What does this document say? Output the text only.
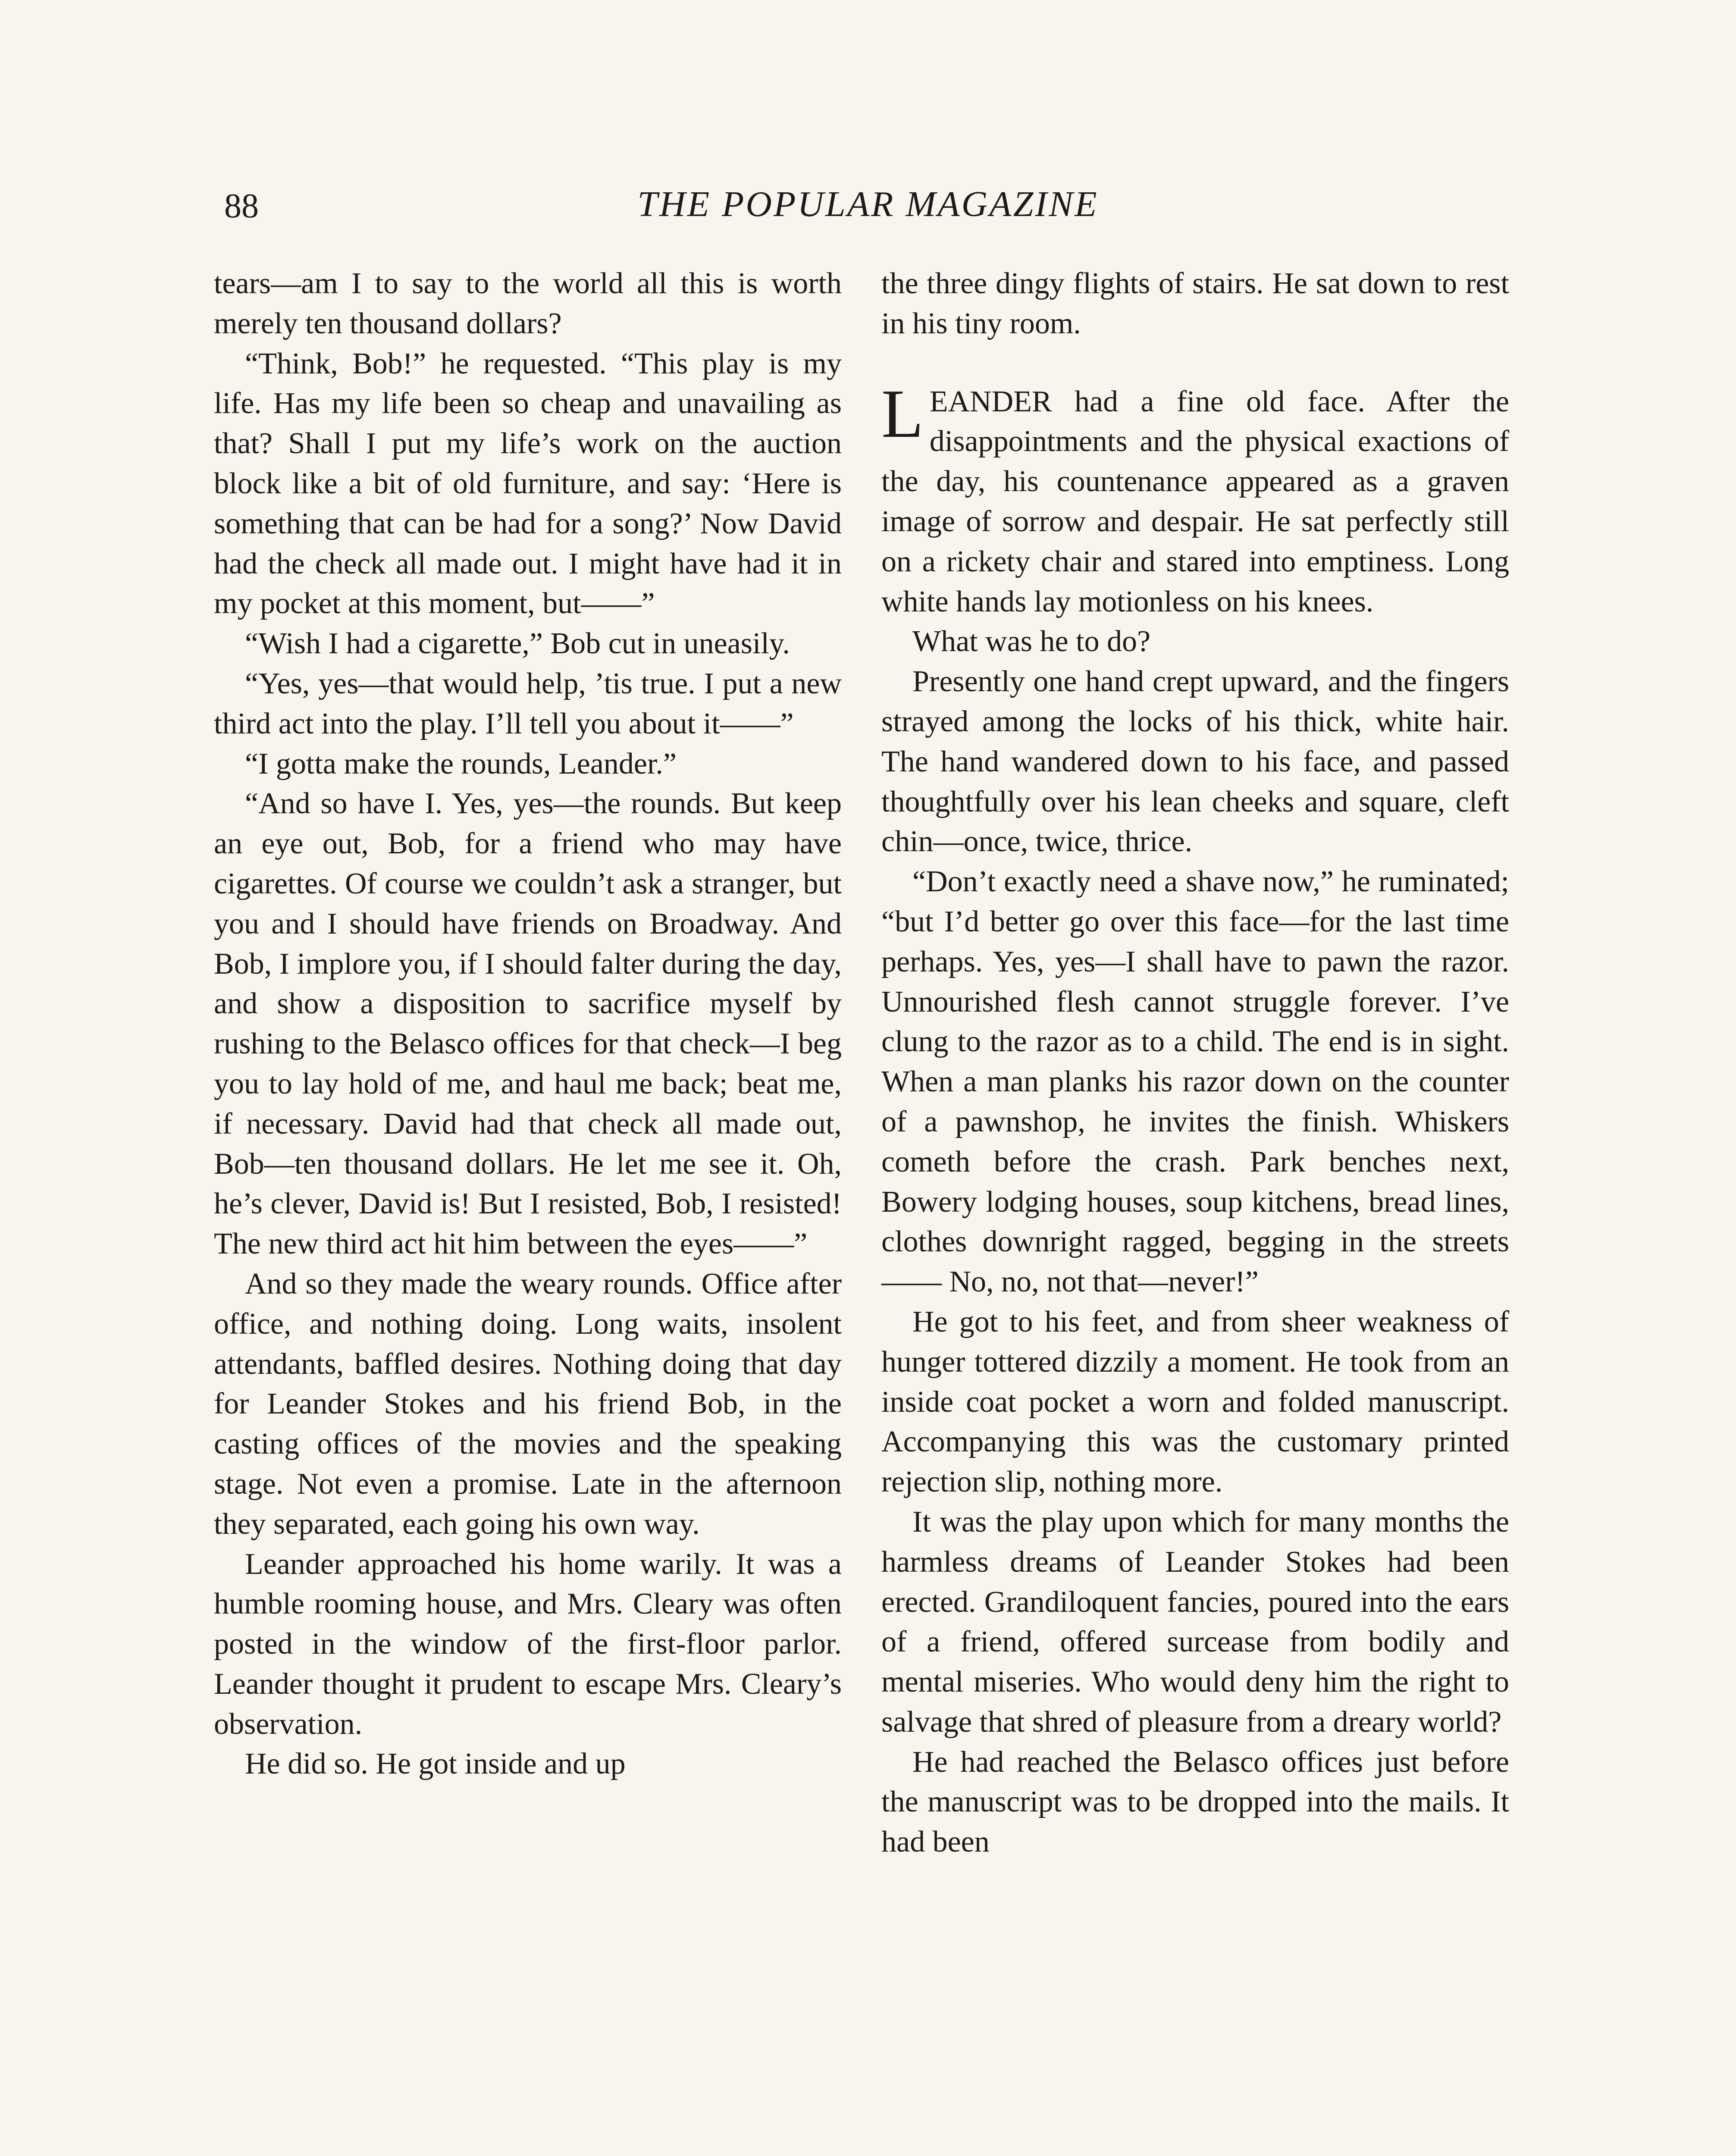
88	THE POPULAR MAGAZINE

tears—am I to say to the world all this is worth merely ten thousand dollars?

“Think, Bob!” he requested. “This play is my life. Has my life been so cheap and unavailing as that? Shall I put my life’s work on the auction block like a bit of old furniture, and say: ‘Here is something that can be had for a song?’ Now David had the check all made out. I might have had it in my pocket at this moment, but——”

“Wish I had a cigarette,” Bob cut in uneasily.

“Yes, yes—that would help, ’tis true. I put a new third act into the play. I’ll tell you about it——”

“I gotta make the rounds, Leander.”

“And so have I. Yes, yes—the rounds. But keep an eye out, Bob, for a friend who may have cigarettes. Of course we couldn’t ask a stranger, but you and I should have friends on Broadway. And Bob, I implore you, if I should falter during the day, and show a disposition to sacrifice myself by rushing to the Belasco offices for that check—I beg you to lay hold of me, and haul me back; beat me, if necessary. David had that check all made out, Bob—ten thousand dollars. He let me see it. Oh, he’s clever, David is! But I resisted, Bob, I resisted! The new third act hit him between the eyes——”

And so they made the weary rounds. Office after office, and nothing doing. Long waits, insolent attendants, baffled desires. Nothing doing that day for Leander Stokes and his friend Bob, in the casting offices of the movies and the speaking stage. Not even a promise. Late in the afternoon they separated, each going his own way.

Leander approached his home warily. It was a humble rooming house, and Mrs. Cleary was often posted in the window of the first-floor parlor. Leander thought it prudent to escape Mrs. Cleary’s observation.

He did so. He got inside and up

the three dingy flights of stairs. He sat down to rest in his tiny room.

LEANDER had a fine old face. After the disappointments and the physical exactions of the day, his countenance appeared as a graven image of sorrow and despair. He sat perfectly still on a rickety chair and stared into emptiness. Long white hands lay motionless on his knees.

What was he to do?

Presently one hand crept upward, and the fingers strayed among the locks of his thick, white hair. The hand wandered down to his face, and passed thoughtfully over his lean cheeks and square, cleft chin—once, twice, thrice.

“Don’t exactly need a shave now,” he ruminated; “but I’d better go over this face—for the last time perhaps. Yes, yes—I shall have to pawn the razor. Unnourished flesh cannot struggle forever. I’ve clung to the razor as to a child. The end is in sight. When a man planks his razor down on the counter of a pawnshop, he invites the finish. Whiskers cometh before the crash. Park benches next, Bowery lodging houses, soup kitchens, bread lines, clothes downright ragged, begging in the streets—— No, no, not that—never!”

He got to his feet, and from sheer weakness of hunger tottered dizzily a moment. He took from an inside coat pocket a worn and folded manuscript. Accompanying this was the customary printed rejection slip, nothing more.

It was the play upon which for many months the harmless dreams of Leander Stokes had been erected. Grandiloquent fancies, poured into the ears of a friend, offered surcease from bodily and mental miseries. Who would deny him the right to salvage that shred of pleasure from a dreary world?

He had reached the Belasco offices just before the manuscript was to be dropped into the mails. It had been
